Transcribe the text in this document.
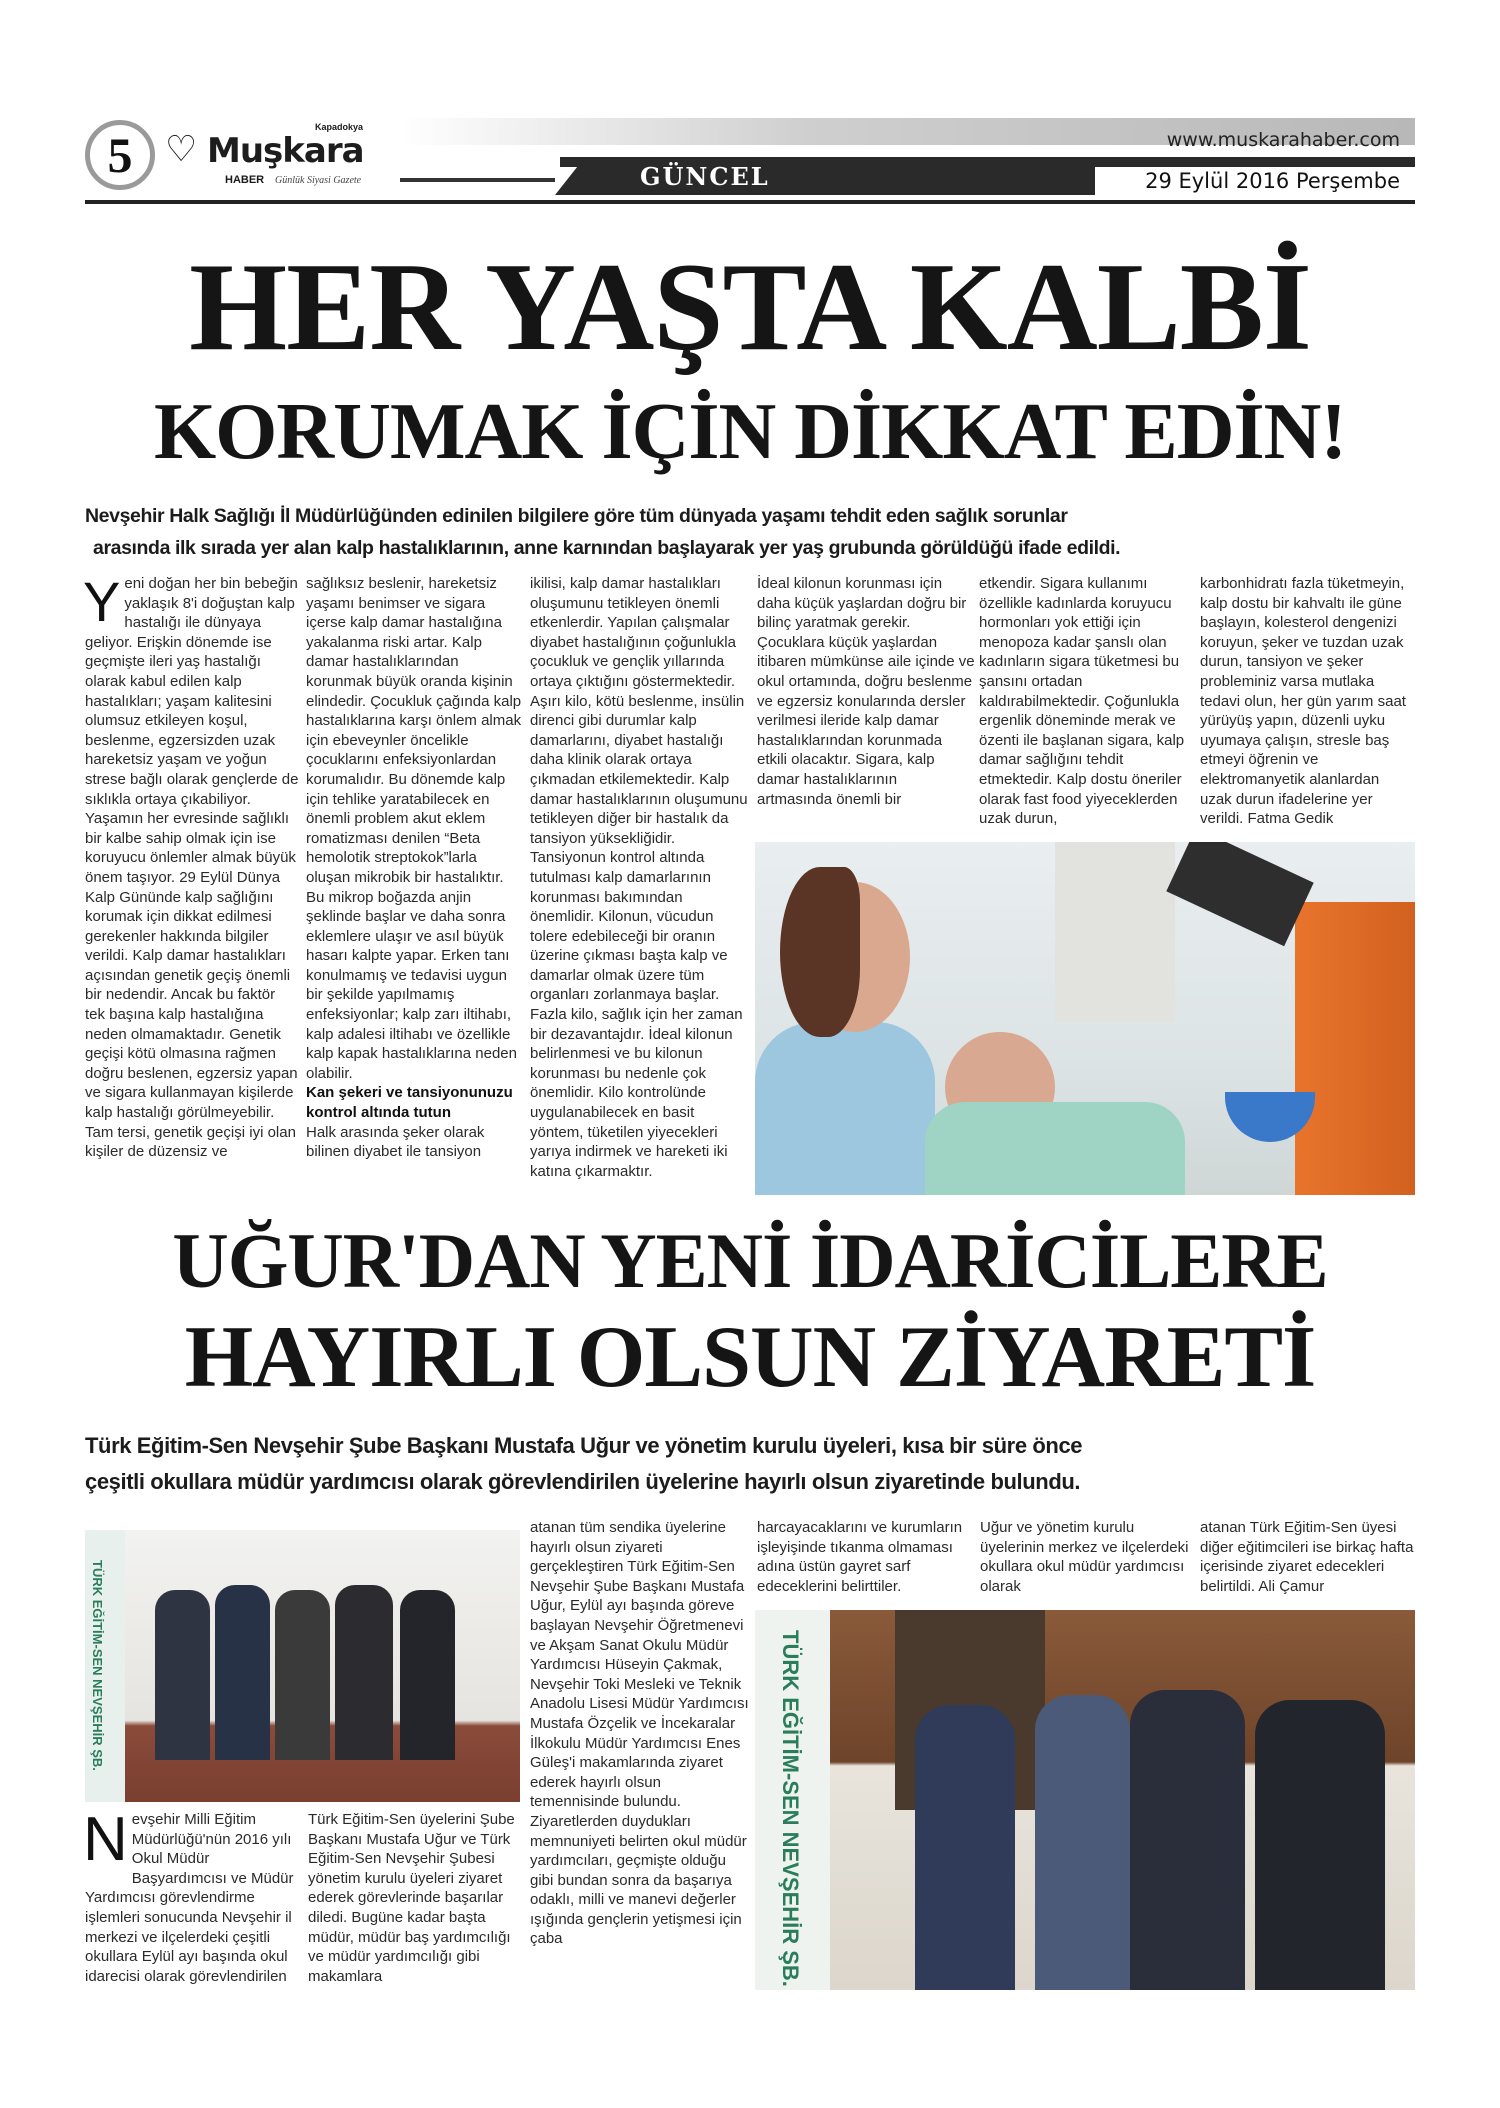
5 ♡
Kapadokya
Muşkara
HABER Günlük Siyasi Gazete
www.muskarahaber.com
GÜNCEL	29 Eylül 2016 Perşembe
HER YAŞTA KALBİ
KORUMAK İÇİN DİKKAT EDİN!
Nevşehir Halk Sağlığı İl Müdürlüğünden edinilen bilgilere göre tüm dünyada yaşamı tehdit eden sağlık sorunlar
arasında ilk sırada yer alan kalp hastalıklarının, anne karnından başlayarak yer yaş grubunda görüldüğü ifade edildi.
Yeni doğan her bin bebeğin yaklaşık 8'i doğuştan kalp hastalığı ile dünyaya geliyor. Erişkin dönemde ise geçmişte ileri yaş hastalığı olarak kabul edilen kalp hastalıkları; yaşam kalitesini olumsuz etkileyen koşul, beslenme, egzersizden uzak hareketsiz yaşam ve yoğun strese bağlı olarak gençlerde de sıklıkla ortaya çıkabiliyor. Yaşamın her evresinde sağlıklı bir kalbe sahip olmak için ise koruyucu önlemler almak büyük önem taşıyor. 29 Eylül Dünya Kalp Gününde kalp sağlığını korumak için dikkat edilmesi gerekenler hakkında bilgiler verildi. Kalp damar hastalıkları açısından genetik geçiş önemli bir nedendir. Ancak bu faktör tek başına kalp hastalığına neden olmamaktadır. Genetik geçişi kötü olmasına rağmen doğru beslenen, egzersiz yapan ve sigara kullanmayan kişilerde kalp hastalığı görülmeyebilir. Tam tersi, genetik geçişi iyi olan kişiler de düzensiz ve
sağlıksız beslenir, hareketsiz yaşamı benimser ve sigara içerse kalp damar hastalığına yakalanma riski artar. Kalp damar hastalıklarından korunmak büyük oranda kişinin elindedir. Çocukluk çağında kalp hastalıklarına karşı önlem almak için ebeveynler öncelikle çocuklarını enfeksiyonlardan korumalıdır. Bu dönemde kalp için tehlike yaratabilecek en önemli problem akut eklem romatizması denilen “Beta hemolotik streptokok”larla oluşan mikrobik bir hastalıktır. Bu mikrop boğazda anjin şeklinde başlar ve daha sonra eklemlere ulaşır ve asıl büyük hasarı kalpte yapar. Erken tanı konulmamış ve tedavisi uygun bir şekilde yapılmamış enfeksiyonlar; kalp zarı iltihabı, kalp adalesi iltihabı ve özellikle kalp kapak hastalıklarına neden olabilir.
Kan şekeri ve tansiyonunuzu kontrol altında tutun
Halk arasında şeker olarak bilinen diyabet ile tansiyon
ikilisi, kalp damar hastalıkları oluşumunu tetikleyen önemli etkenlerdir. Yapılan çalışmalar diyabet hastalığının çoğunlukla çocukluk ve gençlik yıllarında ortaya çıktığını göstermektedir. Aşırı kilo, kötü beslenme, insülin direnci gibi durumlar kalp damarlarını, diyabet hastalığı daha klinik olarak ortaya çıkmadan etkilemektedir. Kalp damar hastalıklarının oluşumunu tetikleyen diğer bir hastalık da tansiyon yüksekliğidir. Tansiyonun kontrol altında tutulması kalp damarlarının korunması bakımından önemlidir. Kilonun, vücudun tolere edebileceği bir oranın üzerine çıkması başta kalp ve damarlar olmak üzere tüm organları zorlanmaya başlar. Fazla kilo, sağlık için her zaman bir dezavantajdır. İdeal kilonun belirlenmesi ve bu kilonun korunması bu nedenle çok önemlidir. Kilo kontrolünde uygulanabilecek en basit yöntem, tüketilen yiyecekleri yarıya indirmek ve hareketi iki katına çıkarmaktır.
İdeal kilonun korunması için daha küçük yaşlardan doğru bir bilinç yaratmak gerekir. Çocuklara küçük yaşlardan itibaren mümkünse aile içinde ve okul ortamında, doğru beslenme ve egzersiz konularında dersler verilmesi ileride kalp damar hastalıklarından korunmada etkili olacaktır. Sigara, kalp damar hastalıklarının artmasında önemli bir
etkendir. Sigara kullanımı özellikle kadınlarda koruyucu hormonları yok ettiği için menopoza kadar şanslı olan kadınların sigara tüketmesi bu şansını ortadan kaldırabilmektedir. Çoğunlukla ergenlik döneminde merak ve özenti ile başlanan sigara, kalp damar sağlığını tehdit etmektedir. Kalp dostu öneriler olarak fast food yiyeceklerden uzak durun,
karbonhidratı fazla tüketmeyin, kalp dostu bir kahvaltı ile güne başlayın, kolesterol dengenizi koruyun, şeker ve tuzdan uzak durun, tansiyon ve şeker probleminiz varsa mutlaka tedavi olun, her gün yarım saat yürüyüş yapın, düzenli uyku uyumaya çalışın, stresle baş etmeyi öğrenin ve elektromanyetik alanlardan uzak durun ifadelerine yer verildi. Fatma Gedik
UĞUR'DAN YENİ İDARİCİLERE
HAYIRLI OLSUN ZİYARETİ
Türk Eğitim-Sen Nevşehir Şube Başkanı Mustafa Uğur ve yönetim kurulu üyeleri, kısa bir süre önce
çeşitli okullara müdür yardımcısı olarak görevlendirilen üyelerine hayırlı olsun ziyaretinde bulundu.
TÜRK EĞİTİM-SEN NEVŞEHİR ŞB.
Nevşehir Milli Eğitim Müdürlüğü'nün 2016 yılı Okul Müdür Başyardımcısı ve Müdür Yardımcısı görevlendirme işlemleri sonucunda Nevşehir il merkezi ve ilçelerdeki çeşitli okullara Eylül ayı başında okul idarecisi olarak görevlendirilen
Türk Eğitim-Sen üyelerini Şube Başkanı Mustafa Uğur ve Türk Eğitim-Sen Nevşehir Şubesi yönetim kurulu üyeleri ziyaret ederek görevlerinde başarılar diledi. Bugüne kadar başta müdür, müdür baş yardımcılığı ve müdür yardımcılığı gibi makamlara
atanan tüm sendika üyelerine hayırlı olsun ziyareti gerçekleştiren Türk Eğitim-Sen Nevşehir Şube Başkanı Mustafa Uğur, Eylül ayı başında göreve başlayan Nevşehir Öğretmenevi ve Akşam Sanat Okulu Müdür Yardımcısı Hüseyin Çakmak, Nevşehir Toki Mesleki ve Teknik Anadolu Lisesi Müdür Yardımcısı Mustafa Özçelik ve İncekaralar İlkokulu Müdür Yardımcısı Enes Güleş'i makamlarında ziyaret ederek hayırlı olsun temennisinde bulundu. Ziyaretlerden duydukları memnuniyeti belirten okul müdür yardımcıları, geçmişte olduğu gibi bundan sonra da başarıya odaklı, milli ve manevi değerler ışığında gençlerin yetişmesi için çaba
harcayacaklarını ve kurumların işleyişinde tıkanma olmaması adına üstün gayret sarf edeceklerini belirttiler.
Uğur ve yönetim kurulu üyelerinin merkez ve ilçelerdeki okullara okul müdür yardımcısı olarak
atanan Türk Eğitim-Sen üyesi diğer eğitimcileri ise birkaç hafta içerisinde ziyaret edecekleri belirtildi. Ali Çamur
TÜRK EĞİTİM-SEN NEVŞEHİR ŞB.
